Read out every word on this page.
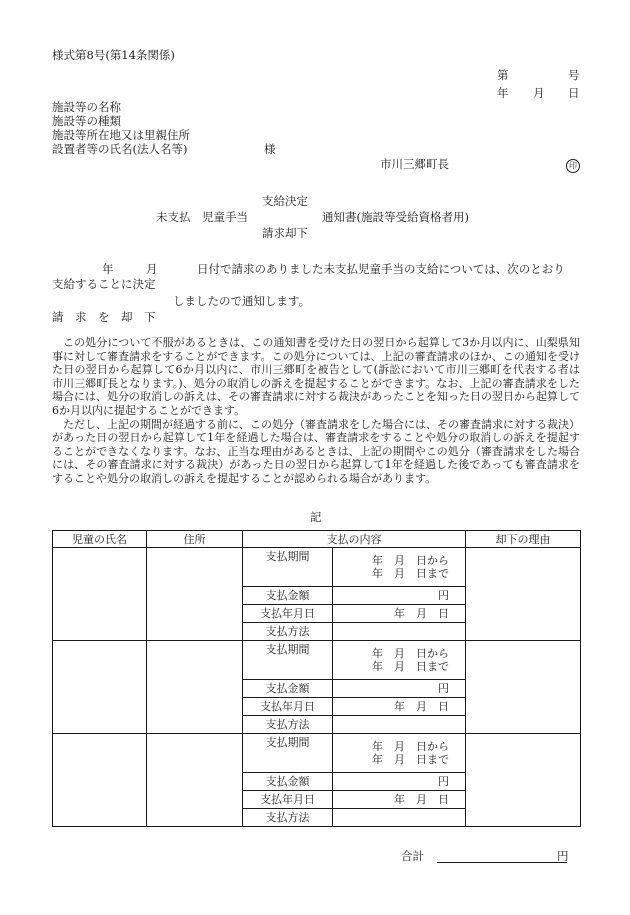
様式第8号(第14条関係)
第	号
年 月 日
施設等の名称
施設等の種類
施設等所在地又は里親住所
設置者等の氏名(法人名等)	様
市川三郷町長	印
支給決定
未支払　児童手当	通知書(施設等受給資格者用)
請求却下
年	月	日付で請求のありました未支払児童手当の支給については、次のとおり
支給することに決定
しましたので通知します。
請　求　を　却　下

この処分について不服があるときは、この通知書を受けた日の翌日から起算して3か月以内に、山梨県知事に対して審査請求をすることができます。この処分については、上記の審査請求のほか、この通知を受けた日の翌日から起算して6か月以内に、市川三郷町を被告として(訴訟において市川三郷町を代表する者は市川三郷町長となります。)、処分の取消しの訴えを提起することができます。なお、上記の審査請求をした場合には、処分の取消しの訴えは、その審査請求に対する裁決があったことを知った日の翌日から起算して6か月以内に提起することができます。

ただし、上記の期間が経過する前に、この処分（審査請求をした場合には、その審査請求に対する裁決）があった日の翌日から起算して1年を経過した場合は、審査請求をすることや処分の取消しの訴えを提起することができなくなります。なお、正当な理由があるときは、上記の期間やこの処分（審査請求をした場合には、その審査請求に対する裁決）があった日の翌日から起算して1年を経過した後であっても審査請求をすることや処分の取消しの訴えを提起することが認められる場合があります。

記
児童の氏名	住所	支払の内容		却下の理由
		支払期間	年　月　日から
年　月　日まで	

		支払金額	円	
		支払年月日	年　月　日	
		支払方法		
		支払期間	年　月　日から
年　月　日まで	

		支払金額	円	
		支払年月日	年　月　日	
		支払方法		
		支払期間	年　月　日から
年　月　日まで	

		支払金額	円	
		支払年月日	年　月　日	
		支払方法		
合計	円
